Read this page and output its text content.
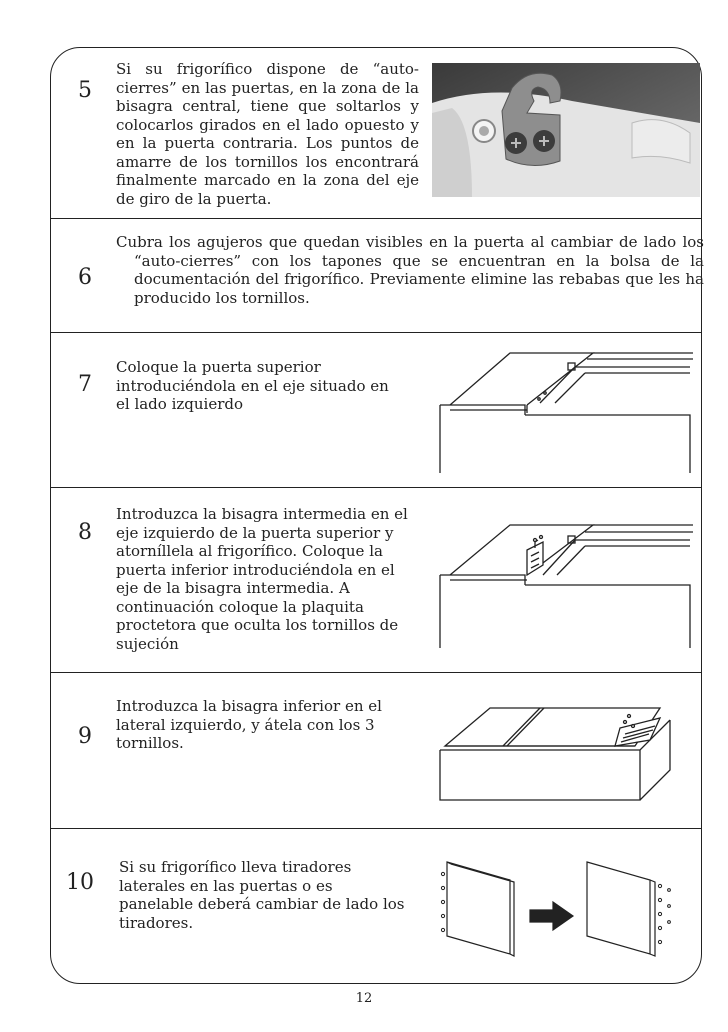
5
Si su frigorífico dispone de “auto-cierres” en las puertas, en la zona de la bisagra central, tiene que soltarlos y colocarlos girados en el lado opuesto y en la puerta contraria. Los puntos de amarre de los tornillos los encontrará finalmente marcado en la zona del eje de giro de la puerta.
6
Cubra los agujeros que quedan visibles en la puerta al cambiar de lado los “auto-cierres” con los tapones que se encuentran en la bolsa de la documentación del frigorífico. Previamente elimine las rebabas que les ha producido los tornillos.
7
Coloque la puerta superior introduciéndola en el eje situado en el lado izquierdo
8
Introduzca la bisagra intermedia en el eje izquierdo de la puerta superior y atorníllela al frigorífico. Coloque la puerta inferior introduciéndola en el eje de la bisagra intermedia. A continuación coloque la plaquita proctetora que oculta los tornillos de sujeción
9
Introduzca la bisagra inferior en el lateral izquierdo, y átela con los 3 tornillos.
10
Si su frigorífico lleva tiradores laterales en las puertas o es panelable deberá cambiar de lado los tiradores.
12
